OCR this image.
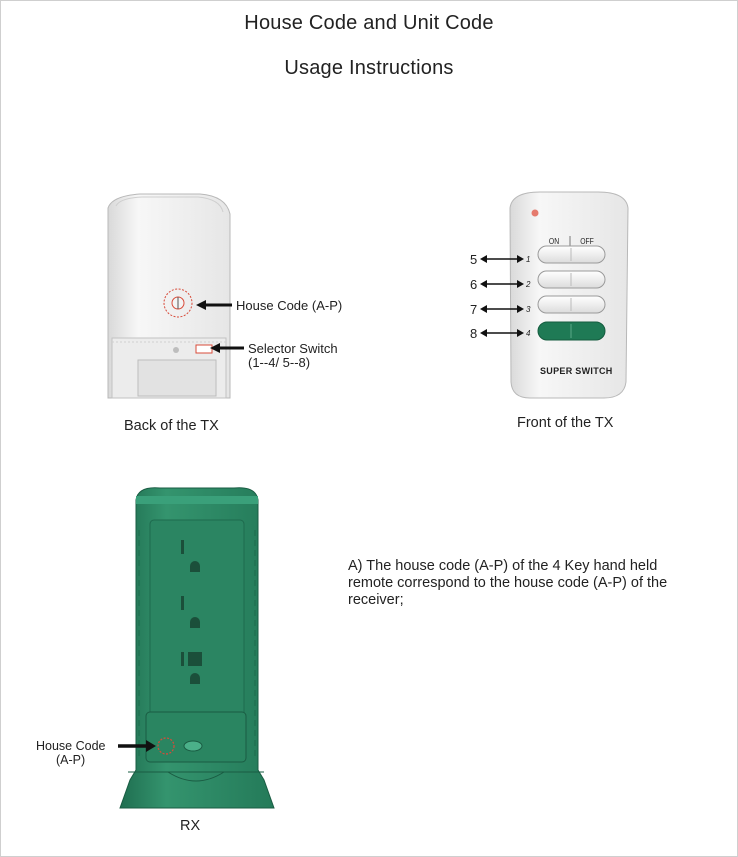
House Code and Unit Code
Usage Instructions
House Code (A-P)
Selector Switch
(1--4/ 5--8)
Back of the TX
ON	OFF
5
6
7
8
1
2
3
4
SUPER SWITCH
Front of the TX
A) The house code (A-P) of the 4 Key hand held remote correspond to the house code (A-P) of the receiver;
House Code
(A-P)
RX
